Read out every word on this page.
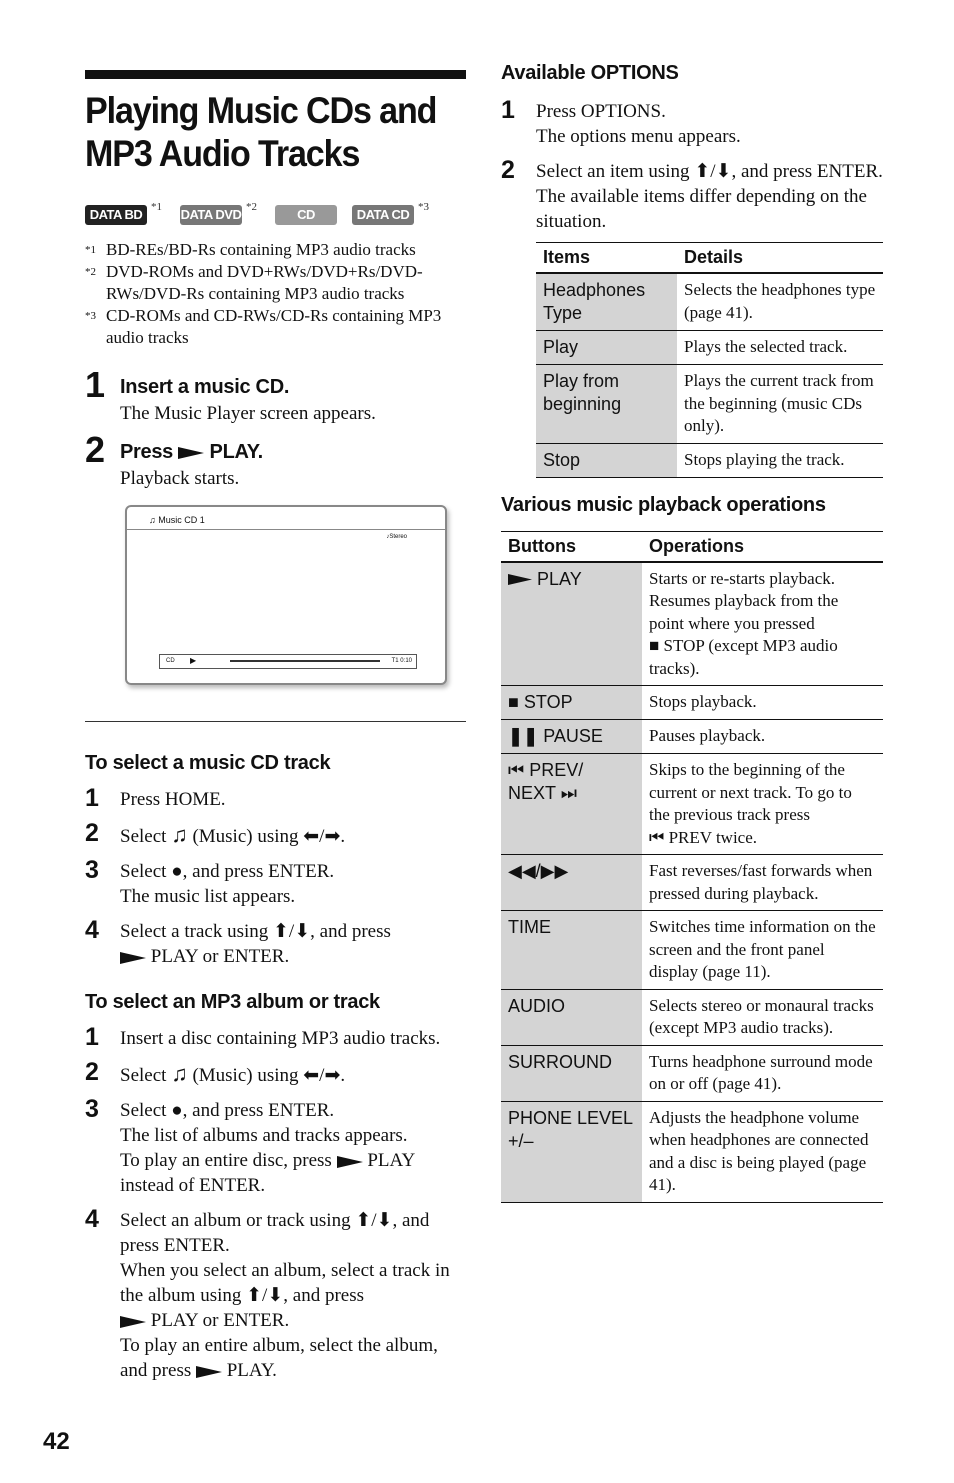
Playing Music CDs and
MP3 Audio Tracks
DATA BD *1 DATA DVD *2	CD	DATA CD *3
*1 BD-REs/BD-Rs containing MP3 audio tracks
*2 DVD-ROMs and DVD+RWs/DVD+Rs/DVD-RWs/DVD-Rs containing MP3 audio tracks
*3 CD-ROMs and CD-RWs/CD-Rs containing MP3 audio tracks
1 Insert a music CD.
The Music Player screen appears.
2 Press PLAY.
Playback starts.
♫ Music CD 1
♪Stereo
CD ▶	T1 0:10
To select a music CD track
1 Press HOME.
2 Select ♫ (Music) using ⬅/➡.
3 Select ●, and press ENTER.
The music list appears.
4 Select a track using ⬆/⬇, and press
PLAY or ENTER.
To select an MP3 album or track
1 Insert a disc containing MP3 audio tracks.
2 Select ♫ (Music) using ⬅/➡.
3 Select ●, and press ENTER.
The list of albums and tracks appears.
To play an entire disc, press PLAY instead of ENTER.
4 Select an album or track using ⬆/⬇, and press ENTER.
When you select an album, select a track in the album using ⬆/⬇, and press
PLAY or ENTER.
To play an entire album, select the album, and press PLAY.
Available OPTIONS
1 Press OPTIONS.
The options menu appears.
2 Select an item using ⬆/⬇, and press ENTER.
The available items differ depending on the situation.
Items	Details
Headphones Type	Selects the headphones type (page 41).
Play	Plays the selected track.
Play from beginning	Plays the current track from the beginning (music CDs only).
Stop	Stops playing the track.
Various music playback operations
Buttons	Operations
PLAY	Starts or re-starts playback. Resumes playback from the point where you pressed
■ STOP (except MP3 audio tracks).
■ STOP	Stops playback.
❚❚ PAUSE	Pauses playback.
⏮ PREV/
NEXT ⏭	Skips to the beginning of the current or next track. To go to the previous track press
⏮ PREV twice.
◀◀/▶▶	Fast reverses/fast forwards when pressed during playback.
TIME	Switches time information on the screen and the front panel display (page 11).
AUDIO	Selects stereo or monaural tracks (except MP3 audio tracks).
SURROUND	Turns headphone surround mode on or off (page 41).
PHONE LEVEL +/–	Adjusts the headphone volume when headphones are connected and a disc is being played (page 41).
42
